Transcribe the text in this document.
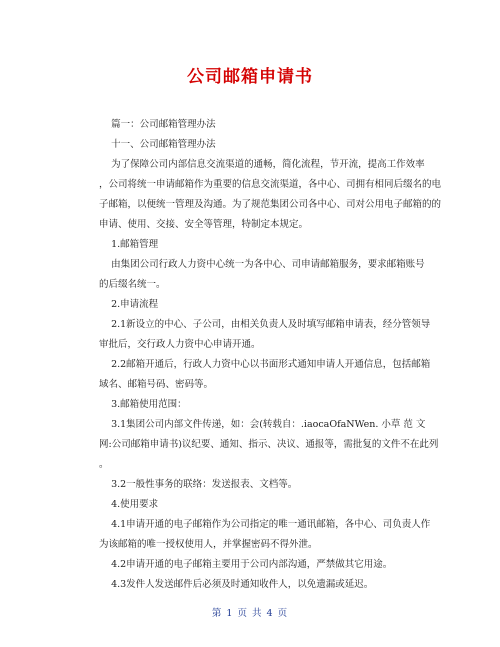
公司邮箱申请书
篇一：公司邮箱管理办法
十一、公司邮箱管理办法
为了保障公司内部信息交流渠道的通畅，简化流程，节开流，提高工作效率
，公司将统一申请邮箱作为重要的信息交流渠道，各中心、司拥有相同后缀名的电
子邮箱，以便统一管理及沟通。为了规范集团公司各中心、司对公用电子邮箱的的
申请、使用、交接、安全等管理，特制定本规定。
1.邮箱管理
由集团公司行政人力资中心统一为各中心、司申请邮箱服务，要求邮箱账号
的后缀名统一。
2.申请流程
2.1新设立的中心、子公司，由相关负责人及时填写邮箱申请表，经分管领导
审批后，交行政人力资中心申请开通。
2.2邮箱开通后，行政人力资中心以书面形式通知申请人开通信息，包括邮箱
域名、邮箱号码、密码等。
3.邮箱使用范围：
3.1集团公司内部文件传递，如：会(转载自：.iaocaOfaNWen. 小草 范 文
网:公司邮箱申请书)议纪要、通知、指示、决议、通报等，需批复的文件不在此列
。
3.2一般性事务的联络：发送报表、文档等。
4.使用要求
4.1申请开通的电子邮箱作为公司指定的唯一通讯邮箱，各中心、司负责人作
为该邮箱的唯一授权使用人，并掌握密码不得外泄。
4.2申请开通的电子邮箱主要用于公司内部沟通，严禁做其它用途。
4.3发件人发送邮件后必须及时通知收件人，以免遗漏或延迟。
第 1 页 共 4 页
